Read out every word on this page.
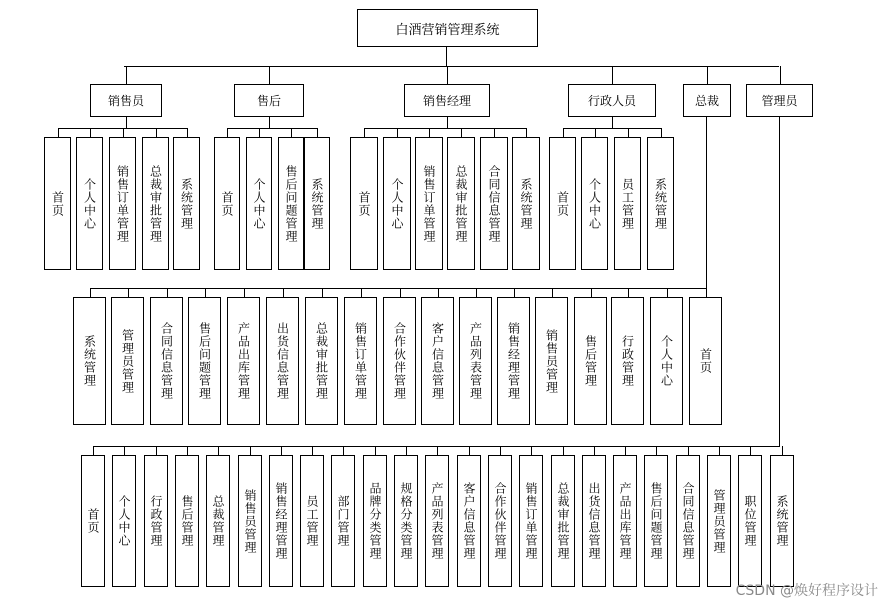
白酒营销管理系统
销售员	售后	销售经理	行政人员	总裁	管理员
首页	个人中心	销售订单管理	总裁审批管理	系统管理	首页	个人中心	售后问题管理	系统管理	首页	个人中心	销售订单管理	总裁审批管理	合同信息管理	系统管理	首页	个人中心	员工管理	系统管理
系统管理	管理员管理	合同信息管理	售后问题管理	产品出库管理	出货信息管理	总裁审批管理	销售订单管理	合作伙伴管理	客户信息管理	产品列表管理	销售经理管理	销售员管理	售后管理	行政管理	个人中心	首页
首页	个人中心	行政管理	售后管理	总裁管理	销售员管理	销售经理管理	员工管理	部门管理	品牌分类管理	规格分类管理	产品列表管理	客户信息管理	合作伙伴管理	销售订单管理	总裁审批管理	出货信息管理	产品出库管理	售后问题管理	合同信息管理	管理员管理	职位管理	系统管理
CSDN @焕好程序设计
